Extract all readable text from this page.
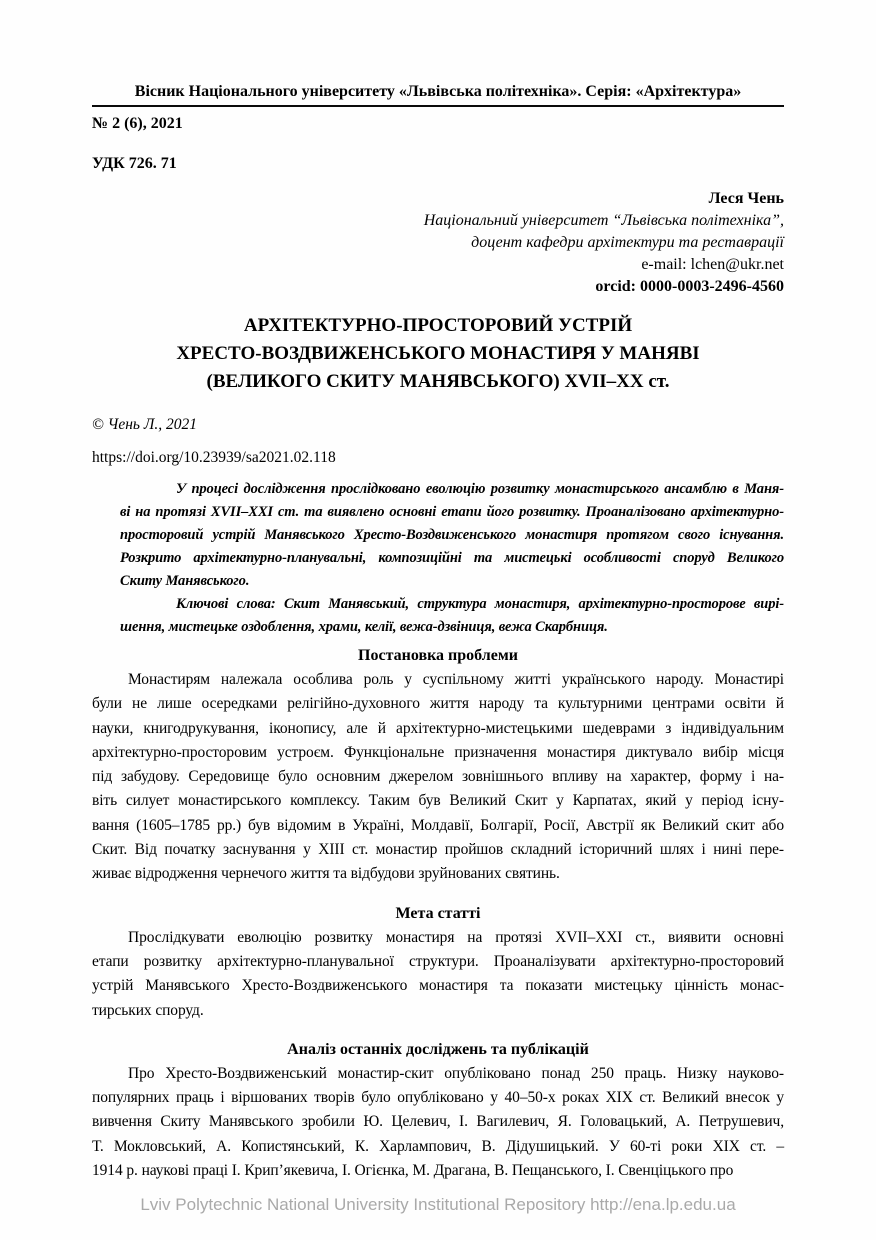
Вісник Національного університету «Львівська політехніка». Серія: «Архітектура»
№ 2 (6), 2021
УДК 726. 71
Леся Чень
Національний університет “Львівська політехніка”,
доцент кафедри архітектури та реставрації
e-mail: lchen@ukr.net
orcid: 0000-0003-2496-4560
АРХІТЕКТУРНО-ПРОСТОРОВИЙ УСТРІЙ
ХРЕСТО-ВОЗДВИЖЕНСЬКОГО МОНАСТИРЯ У МАНЯВІ
(ВЕЛИКОГО СКИТУ МАНЯВСЬКОГО) XVII–XX ст.
© Чень Л., 2021
https://doi.org/10.23939/sa2021.02.118
У процесі дослідження прослідковано еволюцію розвитку монастирського ансамблю в Маня-
ві на протязі XVII–XXI ст. та виявлено основні етапи його розвитку. Проаналізовано архітектурно-
просторовий устрій Манявського Хресто-Воздвиженського монастиря протягом свого існування.
Розкрито архітектурно-планувальні, композиційні та мистецькі особливості споруд Великого
Скиту Манявського.
Ключові слова: Скит Манявський, структура монастиря, архітектурно-просторове вирі-
шення, мистецьке оздоблення, храми, келії, вежа-дзвіниця, вежа Скарбниця.
Постановка проблеми
Монастирям належала особлива роль у суспільному житті українського народу. Монастирі
були не лише осередками релігійно-духовного життя народу та культурними центрами освіти й
науки, книгодрукування, іконопису, але й архітектурно-мистецькими шедеврами з індивідуальним
архітектурно-просторовим устроєм. Функціональне призначення монастиря диктувало вибір місця
під забудову. Середовище було основним джерелом зовнішнього впливу на характер, форму і на-
віть силует монастирського комплексу. Таким був Великий Скит у Карпатах, який у період існу-
вання (1605–1785 рр.) був відомим в Україні, Молдавії, Болгарії, Росії, Австрії як Великий скит або
Скит. Від початку заснування у XIII ст. монастир пройшов складний історичний шлях і нині пере-
живає відродження чернечого життя та відбудови зруйнованих святинь.
Мета статті
Прослідкувати еволюцію розвитку монастиря на протязі XVII–XXI ст., виявити основні
етапи розвитку архітектурно-планувальної структури. Проаналізувати архітектурно-просторовий
устрій Манявського Хресто-Воздвиженського монастиря та показати мистецьку цінність монас-
тирських споруд.
Аналіз останніх досліджень та публікацій
Про Хресто-Воздвиженський монастир-скит опубліковано понад 250 праць. Низку науково-
популярних праць і віршованих творів було опубліковано у 40–50-х роках XIX ст. Великий внесок у
вивчення Скиту Манявського зробили Ю. Целевич, І. Вагилевич, Я. Головацький, А. Петрушевич,
Т. Мокловський, А. Копистянський, К. Харлампович, В. Дідушицький. У 60-ті роки XIX ст. –
1914 р. наукові праці І. Крип’якевича, І. Огієнка, М. Драгана, В. Пещанського, І. Свенціцького про
Lviv Polytechnic National University Institutional Repository http://ena.lp.edu.ua
